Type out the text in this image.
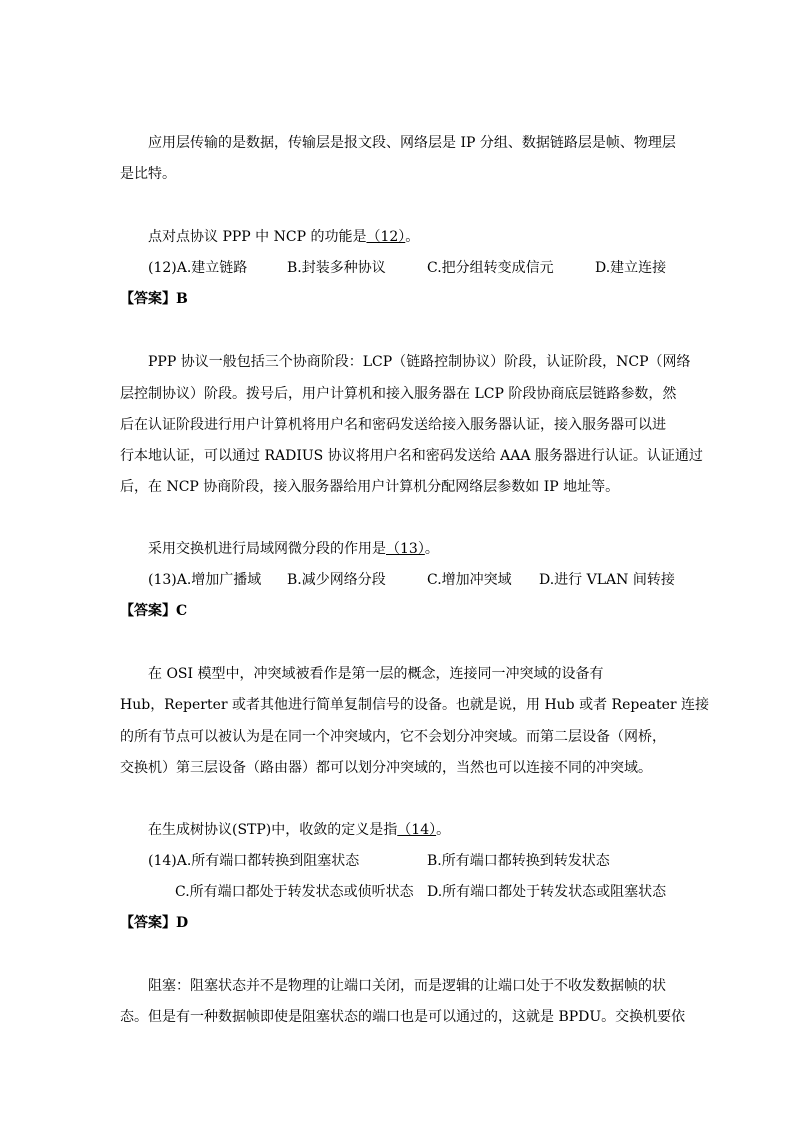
应用层传输的是数据，传输层是报文段、网络层是 IP 分组、数据链路层是帧、物理层
是比特。
点对点协议 PPP 中 NCP 的功能是（12）。
(12)A.建立链路	B.封装多种协议	C.把分组转变成信元	D.建立连接
【答案】B
PPP 协议一般包括三个协商阶段：LCP（链路控制协议）阶段，认证阶段，NCP（网络
层控制协议）阶段。拨号后，用户计算机和接入服务器在 LCP 阶段协商底层链路参数，然
后在认证阶段进行用户计算机将用户名和密码发送给接入服务器认证，接入服务器可以进
行本地认证，可以通过 RADIUS 协议将用户名和密码发送给 AAA 服务器进行认证。认证通过
后，在 NCP 协商阶段，接入服务器给用户计算机分配网络层参数如 IP 地址等。
采用交换机进行局域网微分段的作用是（13）。
(13)A.增加广播域 B.减少网络分段	C.增加冲突域 D.进行 VLAN 间转接
【答案】C
在 OSI 模型中，冲突域被看作是第一层的概念，连接同一冲突域的设备有
Hub，Reperter 或者其他进行简单复制信号的设备。也就是说，用 Hub 或者 Repeater 连接
的所有节点可以被认为是在同一个冲突域内，它不会划分冲突域。而第二层设备（网桥，
交换机）第三层设备（路由器）都可以划分冲突域的，当然也可以连接不同的冲突域。
在生成树协议(STP)中，收敛的定义是指（14）。
(14)A.所有端口都转换到阻塞状态	B.所有端口都转换到转发状态
C.所有端口都处于转发状态或侦听状态 D.所有端口都处于转发状态或阻塞状态
【答案】D
阻塞：阻塞状态并不是物理的让端口关闭，而是逻辑的让端口处于不收发数据帧的状
态。但是有一种数据帧即使是阻塞状态的端口也是可以通过的，这就是 BPDU。交换机要依
